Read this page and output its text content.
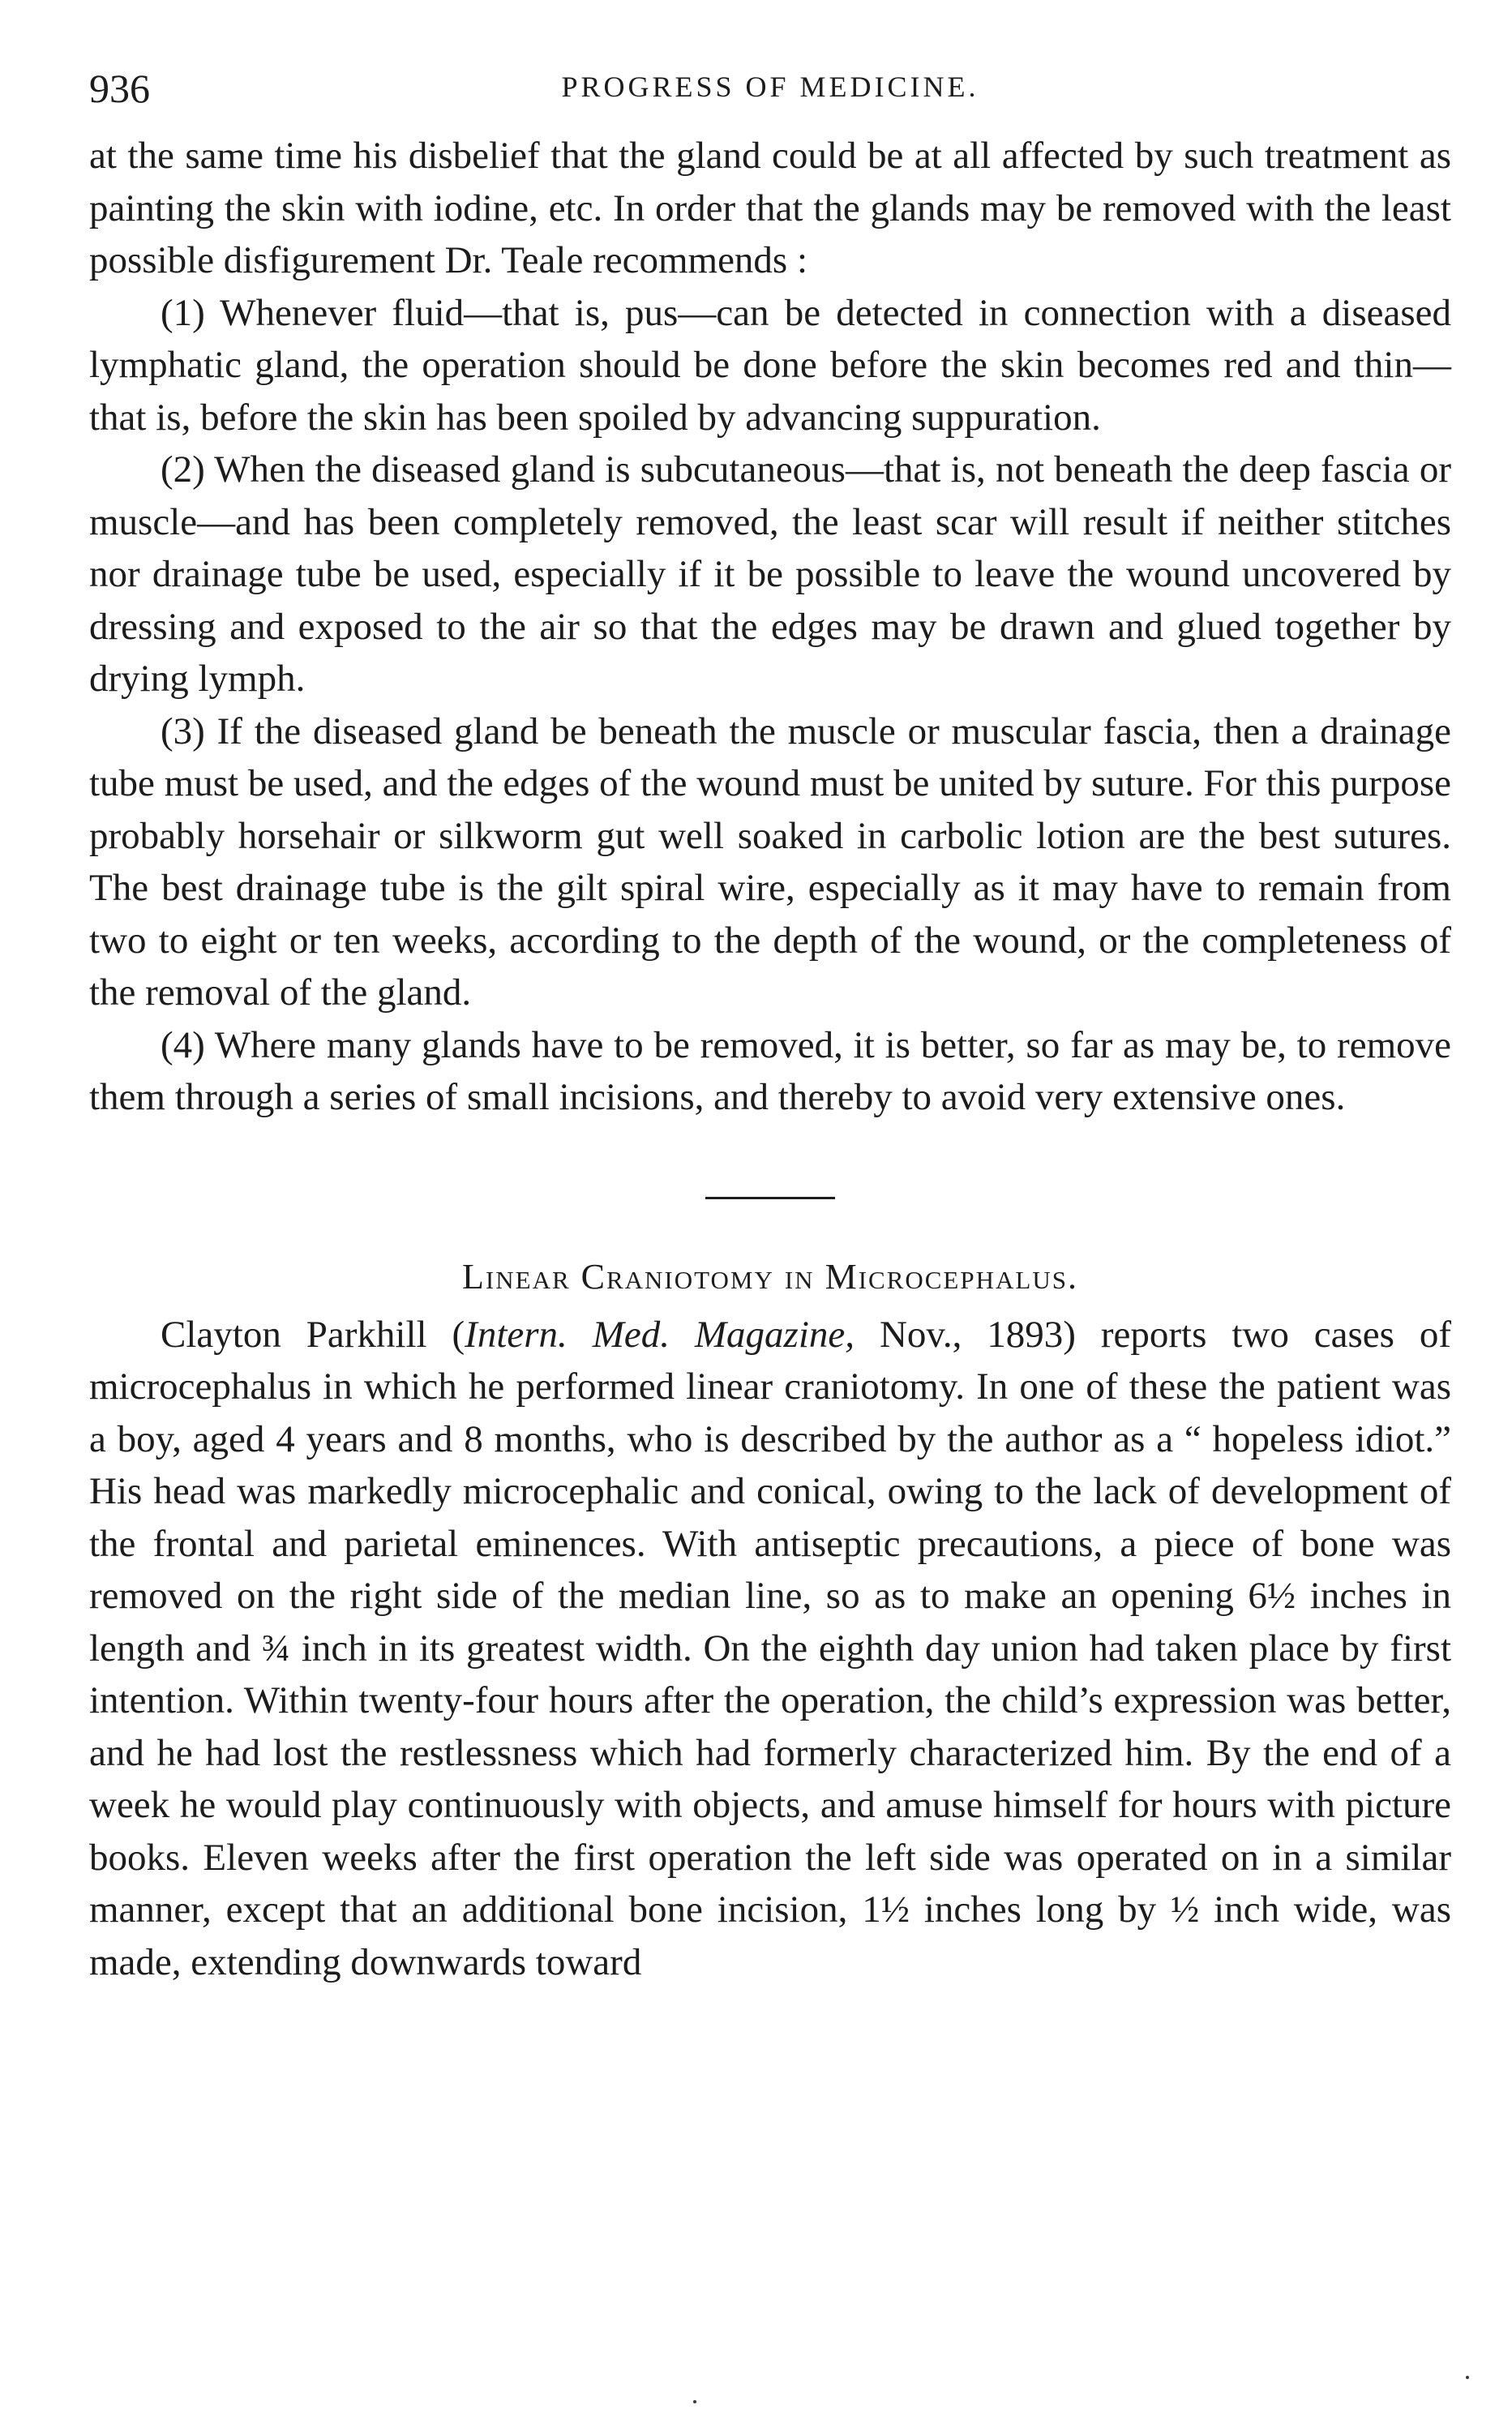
936	PROGRESS OF MEDICINE.

at the same time his disbelief that the gland could be at all affected by such treatment as painting the skin with iodine, etc. In order that the glands may be removed with the least possible disfigurement Dr. Teale recommends :

(1) Whenever fluid—that is, pus—can be detected in connection with a diseased lymphatic gland, the operation should be done before the skin becomes red and thin—that is, before the skin has been spoiled by advancing suppuration.

(2) When the diseased gland is subcutaneous—that is, not beneath the deep fascia or muscle—and has been completely removed, the least scar will result if neither stitches nor drainage tube be used, especially if it be possible to leave the wound uncovered by dressing and exposed to the air so that the edges may be drawn and glued together by drying lymph.

(3) If the diseased gland be beneath the muscle or muscular fascia, then a drainage tube must be used, and the edges of the wound must be united by suture. For this purpose probably horsehair or silkworm gut well soaked in carbolic lotion are the best sutures. The best drainage tube is the gilt spiral wire, especially as it may have to remain from two to eight or ten weeks, according to the depth of the wound, or the completeness of the removal of the gland.

(4) Where many glands have to be removed, it is better, so far as may be, to remove them through a series of small incisions, and thereby to avoid very extensive ones.

Linear Craniotomy in Microcephalus.

Clayton Parkhill (Intern. Med. Magazine, Nov., 1893) reports two cases of microcephalus in which he performed linear craniotomy. In one of these the patient was a boy, aged 4 years and 8 months, who is described by the author as a “ hopeless idiot.” His head was markedly microcephalic and conical, owing to the lack of development of the frontal and parietal eminences. With antiseptic precautions, a piece of bone was removed on the right side of the median line, so as to make an opening 6½ inches in length and ¾ inch in its greatest width. On the eighth day union had taken place by first intention. Within twenty-four hours after the operation, the child’s expression was better, and he had lost the restlessness which had formerly characterized him. By the end of a week he would play continuously with objects, and amuse himself for hours with picture books. Eleven weeks after the first operation the left side was operated on in a similar manner, except that an additional bone incision, 1½ inches long by ½ inch wide, was made, extending downwards toward
